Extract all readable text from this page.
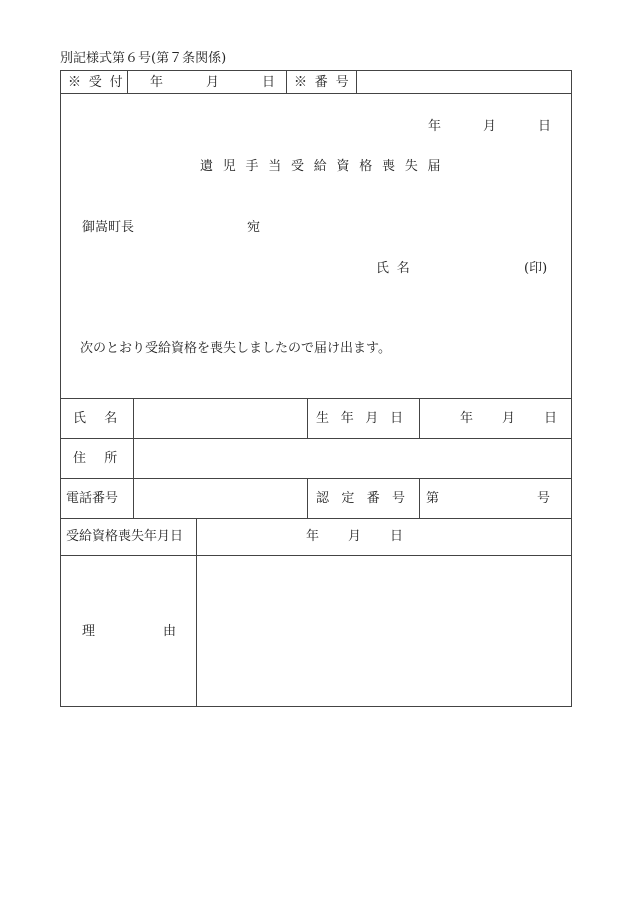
別記様式第６号(第７条関係)
※受付 年	月	日 ※番号
年	月	日
遺児手当受給資格喪失届
御嵩町長	宛
氏名	(印)
次のとおり受給資格を喪失しましたので届け出ます。
氏名	生年月日	年 月 日
住所
電話番号	認定番号 第	号
受給資格喪失年月日	年 月 日
理	由
